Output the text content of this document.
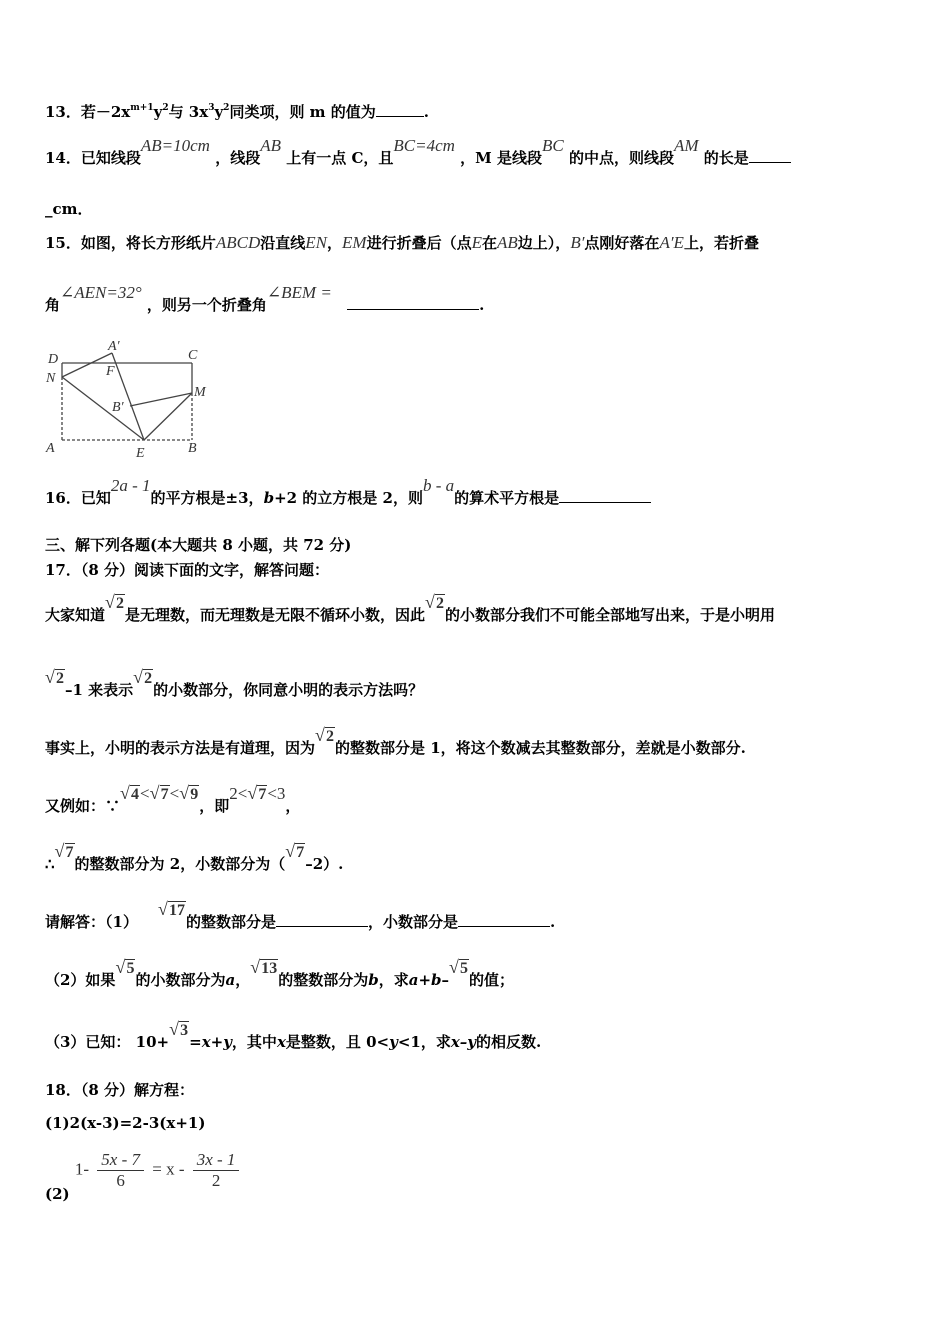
13．若$-2x^{m+1}y^2$与 $3x^3y^2$同类项，则 m 的值为	.
14．已知线段AB=10cm ，线段AB 上有一点 C，且BC=4cm ，M 是线段BC 的中点，则线段AM 的长是
_cm．
15．如图，将长方形纸片ABCD沿直线EN，EM进行折叠后（点E在AB边上），B′点刚好落在A′E上，若折叠
角∠AEN=32° ，则另一个折叠角∠BEM = .
D
A′
C
N	F
M
B′
A	E	B
16．已知2a - 1的平方根是±3，b+2 的立方根是 2，则b - a的算术平方根是
三、解下列各题(本大题共 8 小题，共 72 分)
17．（8 分）阅读下面的文字，解答问题：
大家知道
√ 2是无理数，而无理数是无限不循环小数，因此
√ 2的小数部分我们不可能全部地写出来，于是小明用
√ 2–1 来表示
√ 2的小数部分，你同意小明的表示方法吗？
事实上，小明的表示方法是有道理，因为
√ 2的整数部分是 1，将这个数减去其整数部分，差就是小数部分.
又例如：∵
√ 4< √ 7< √ 9，即2< √ 7<3，
∴
√ 7的整数部分为 2，小数部分为（
√ 7–2）.
请解答：（1）
√ 17的整数部分是	，小数部分是	.
（2）如果
√ 5的小数部分为a，
√ 13的整数部分为b，求a+b–
√ 5的值；
（3）已知： 10+
√ 3=x+y，其中x是整数，且 0<y<1，求x–y的相反数.
18．（8 分）解方程：
(1)2(x-3)=2-3(x+1)
(2) $1- \frac{5x - 7}{6} = x - \frac{3x - 1}{2}$
